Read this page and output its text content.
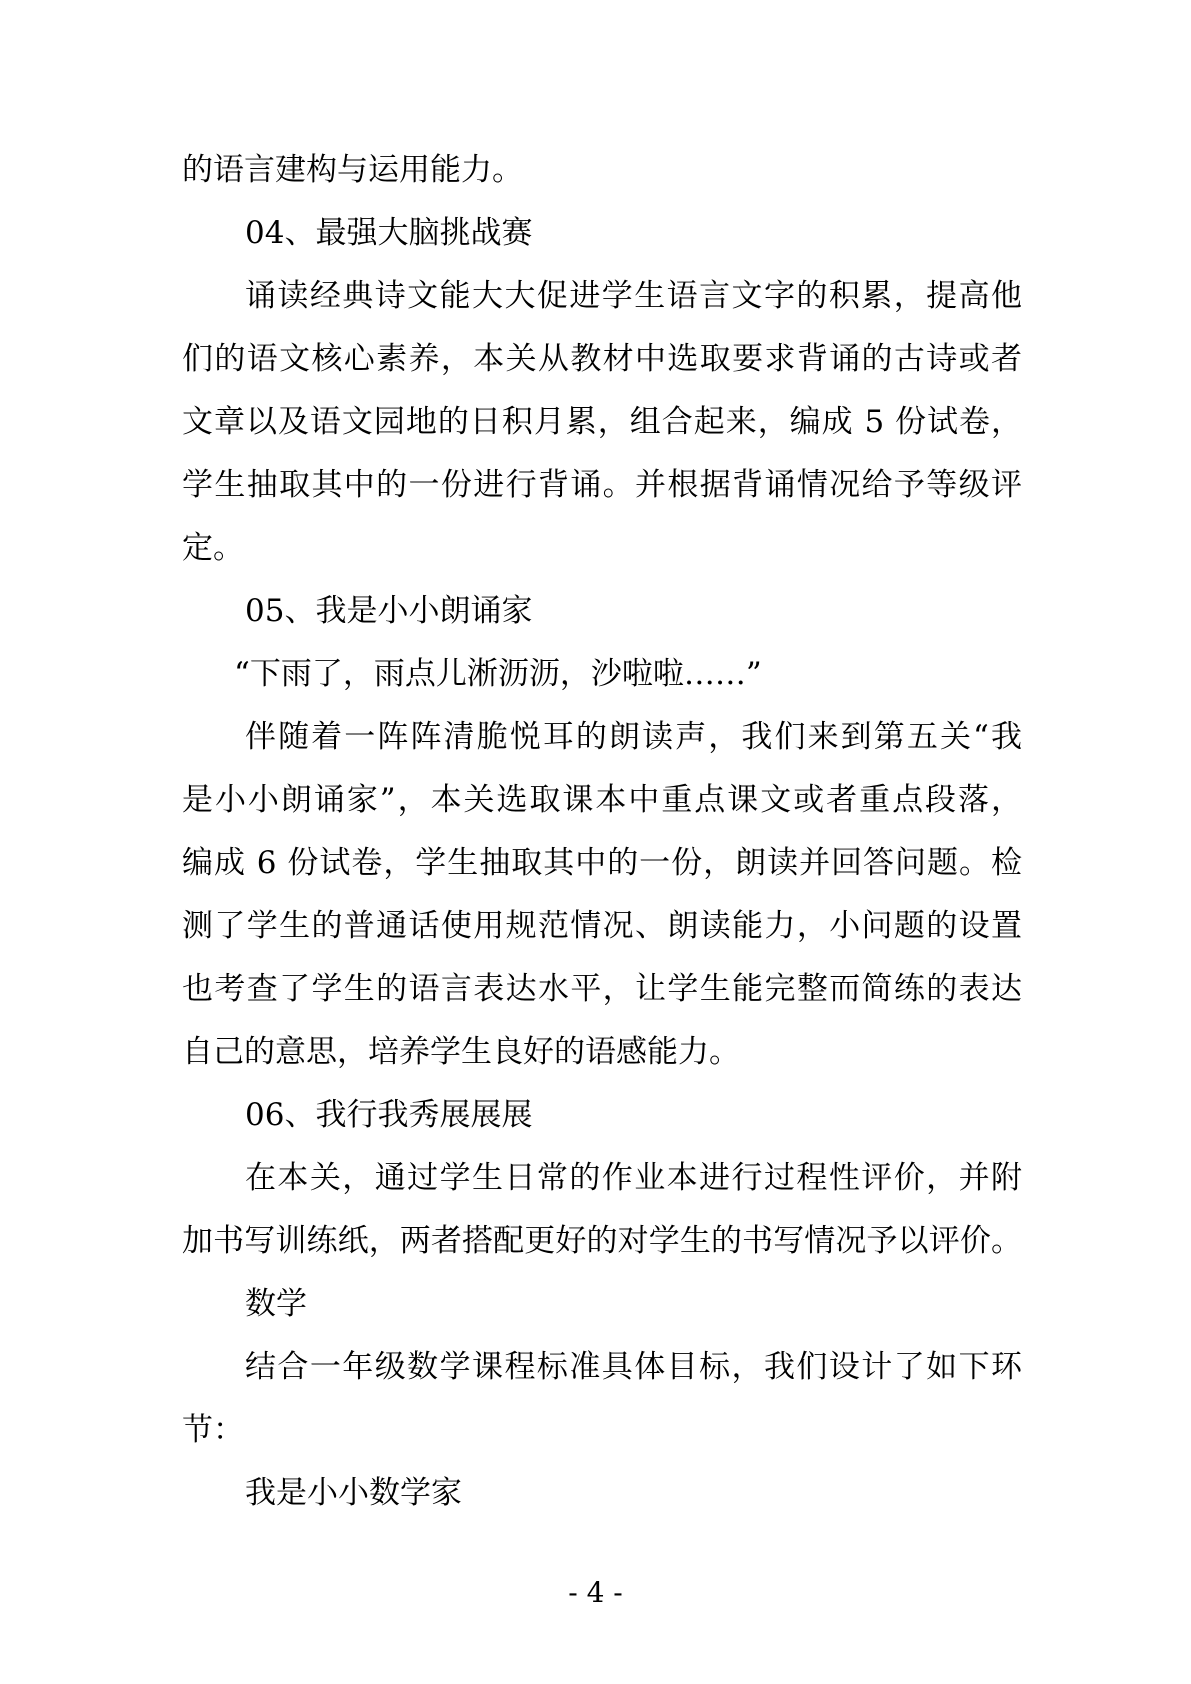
的语言建构与运用能力。
04、最强大脑挑战赛
诵读经典诗文能大大促进学生语言文字的积累，提高他
们的语文核心素养，本关从教材中选取要求背诵的古诗或者
文章以及语文园地的日积月累，组合起来，编成 5 份试卷，
学生抽取其中的一份进行背诵。并根据背诵情况给予等级评
定。
05、我是小小朗诵家
“下雨了，雨点儿淅沥沥，沙啦啦……”
伴随着一阵阵清脆悦耳的朗读声，我们来到第五关“我
是小小朗诵家”，本关选取课本中重点课文或者重点段落，
编成 6 份试卷，学生抽取其中的一份，朗读并回答问题。检
测了学生的普通话使用规范情况、朗读能力，小问题的设置
也考查了学生的语言表达水平，让学生能完整而简练的表达
自己的意思，培养学生良好的语感能力。
06、我行我秀展展展
在本关，通过学生日常的作业本进行过程性评价，并附
加书写训练纸，两者搭配更好的对学生的书写情况予以评价。
数学
结合一年级数学课程标准具体目标，我们设计了如下环
节：
我是小小数学家
- 4 -
